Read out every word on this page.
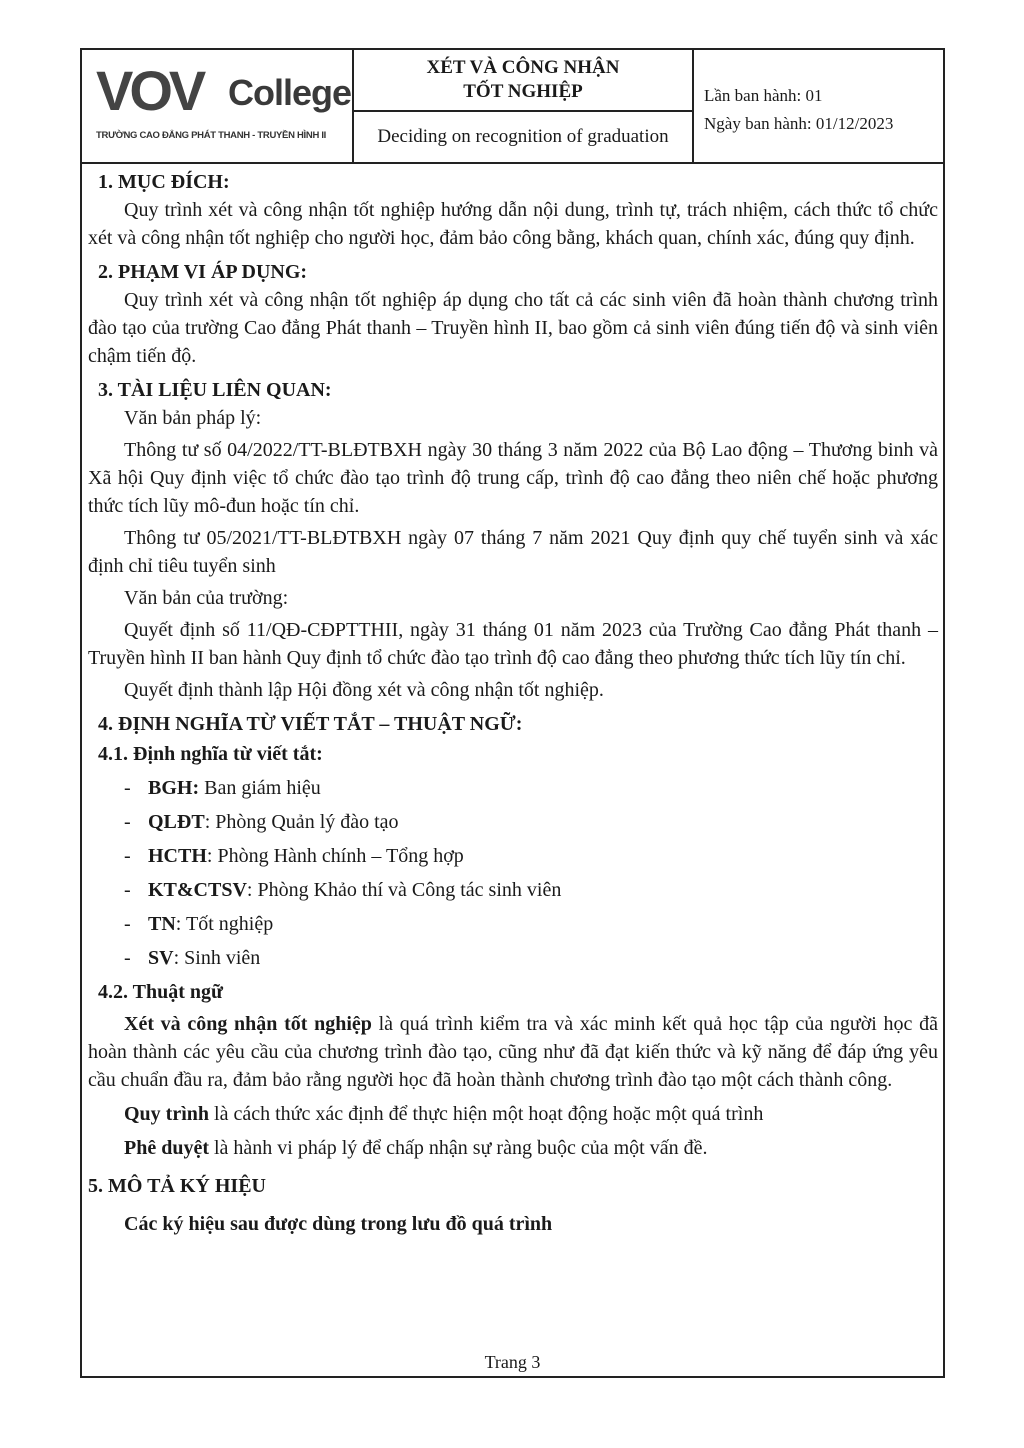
VOV College
TRƯỜNG CAO ĐẲNG PHÁT THANH - TRUYỀN HÌNH II
XÉT VÀ CÔNG NHẬN
TỐT NGHIỆP
Deciding on recognition of graduation
Lần ban hành: 01
Ngày ban hành: 01/12/2023

1. MỤC ĐÍCH:

Quy trình xét và công nhận tốt nghiệp hướng dẫn nội dung, trình tự, trách nhiệm, cách thức tổ chức xét và công nhận tốt nghiệp cho người học, đảm bảo công bằng, khách quan, chính xác, đúng quy định.

2. PHẠM VI ÁP DỤNG:

Quy trình xét và công nhận tốt nghiệp áp dụng cho tất cả các sinh viên đã hoàn thành chương trình đào tạo của trường Cao đẳng Phát thanh – Truyền hình II, bao gồm cả sinh viên đúng tiến độ và sinh viên chậm tiến độ.

3. TÀI LIỆU LIÊN QUAN:

Văn bản pháp lý:

Thông tư số 04/2022/TT-BLĐTBXH ngày 30 tháng 3 năm 2022 của Bộ Lao động – Thương binh và Xã hội Quy định việc tổ chức đào tạo trình độ trung cấp, trình độ cao đẳng theo niên chế hoặc phương thức tích lũy mô-đun hoặc tín chỉ.

Thông tư 05/2021/TT-BLĐTBXH ngày 07 tháng 7 năm 2021 Quy định quy chế tuyển sinh và xác định chỉ tiêu tuyển sinh

Văn bản của trường:

Quyết định số 11/QĐ-CĐPTTHII, ngày 31 tháng 01 năm 2023 của Trường Cao đẳng Phát thanh – Truyền hình II ban hành Quy định tổ chức đào tạo trình độ cao đẳng theo phương thức tích lũy tín chỉ.

Quyết định thành lập Hội đồng xét và công nhận tốt nghiệp.

4. ĐỊNH NGHĨA TỪ VIẾT TẮT – THUẬT NGỮ:

4.1. Định nghĩa từ viết tắt:

- BGH: Ban giám hiệu
- QLĐT: Phòng Quản lý đào tạo
- HCTH: Phòng Hành chính – Tổng hợp
- KT&CTSV: Phòng Khảo thí và Công tác sinh viên
- TN: Tốt nghiệp
- SV: Sinh viên

4.2. Thuật ngữ

Xét và công nhận tốt nghiệp là quá trình kiểm tra và xác minh kết quả học tập của người học đã hoàn thành các yêu cầu của chương trình đào tạo, cũng như đã đạt kiến thức và kỹ năng để đáp ứng yêu cầu chuẩn đầu ra, đảm bảo rằng người học đã hoàn thành chương trình đào tạo một cách thành công.

Quy trình là cách thức xác định để thực hiện một hoạt động hoặc một quá trình

Phê duyệt là hành vi pháp lý để chấp nhận sự ràng buộc của một vấn đề.

5. MÔ TẢ KÝ HIỆU

Các ký hiệu sau được dùng trong lưu đồ quá trình

Trang 3
